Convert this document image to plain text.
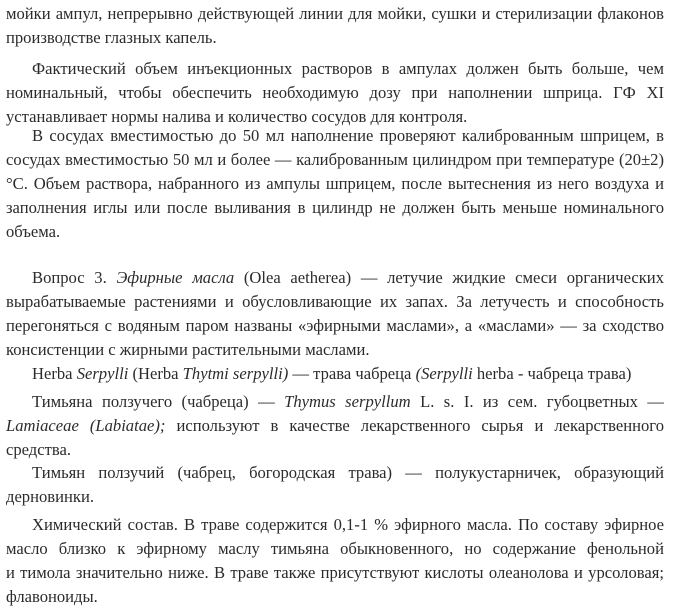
мойки ампул, непрерывно действующей линии для мойки, сушки и стерилизации флаконов
производстве глазных капель.
Фактический объем инъекционных растворов в ампулах должен быть больше, чем
номинальный, чтобы обеспечить необходимую дозу при наполнении шприца. ГФ XI
устанавливает нормы налива и количество сосудов для контроля.
В сосудах вместимостью до 50 мл наполнение проверяют калиброванным шприцем, в
сосудах вместимостью 50 мл и более — калиброванным цилиндром при температуре (20±2)
°С. Объем раствора, набранного из ампулы шприцем, после вытеснения из него воздуха и
заполнения иглы или после выливания в цилиндр не должен быть меньше номинального
объема.
Вопрос 3. Эфирные масла (Olea aetherea) — летучие жидкие смеси органических
вырабатываемые растениями и обусловливающие их запах. За летучесть и способность
перегоняться с водяным паром названы «эфирными маслами», а «маслами» — за сходство
консистенции с жирными растительными маслами.
Herba Serpylli (Herba Thytmi serpylli) — трава чабреца (Serpylli herba - чабреца трава)
Тимьяна ползучего (чабреца) — Thymus serpyllum L. s. I. из сем. губоцветных —
Lamiaceae (Labiatae); используют в качестве лекарственного сырья и лекарственного
средства.
Тимьян ползучий (чабрец, богородская трава) — полукустарничек, образующий
дерновинки.
Химический состав. В траве содержится 0,1-1 % эфирного масла. По составу эфирное
масло близко к эфирному маслу тимьяна обыкновенного, но содержание фенольной
и тимола значительно ниже. В траве также присутствуют кислоты олеанолова и урсоловая;
флавоноиды.
